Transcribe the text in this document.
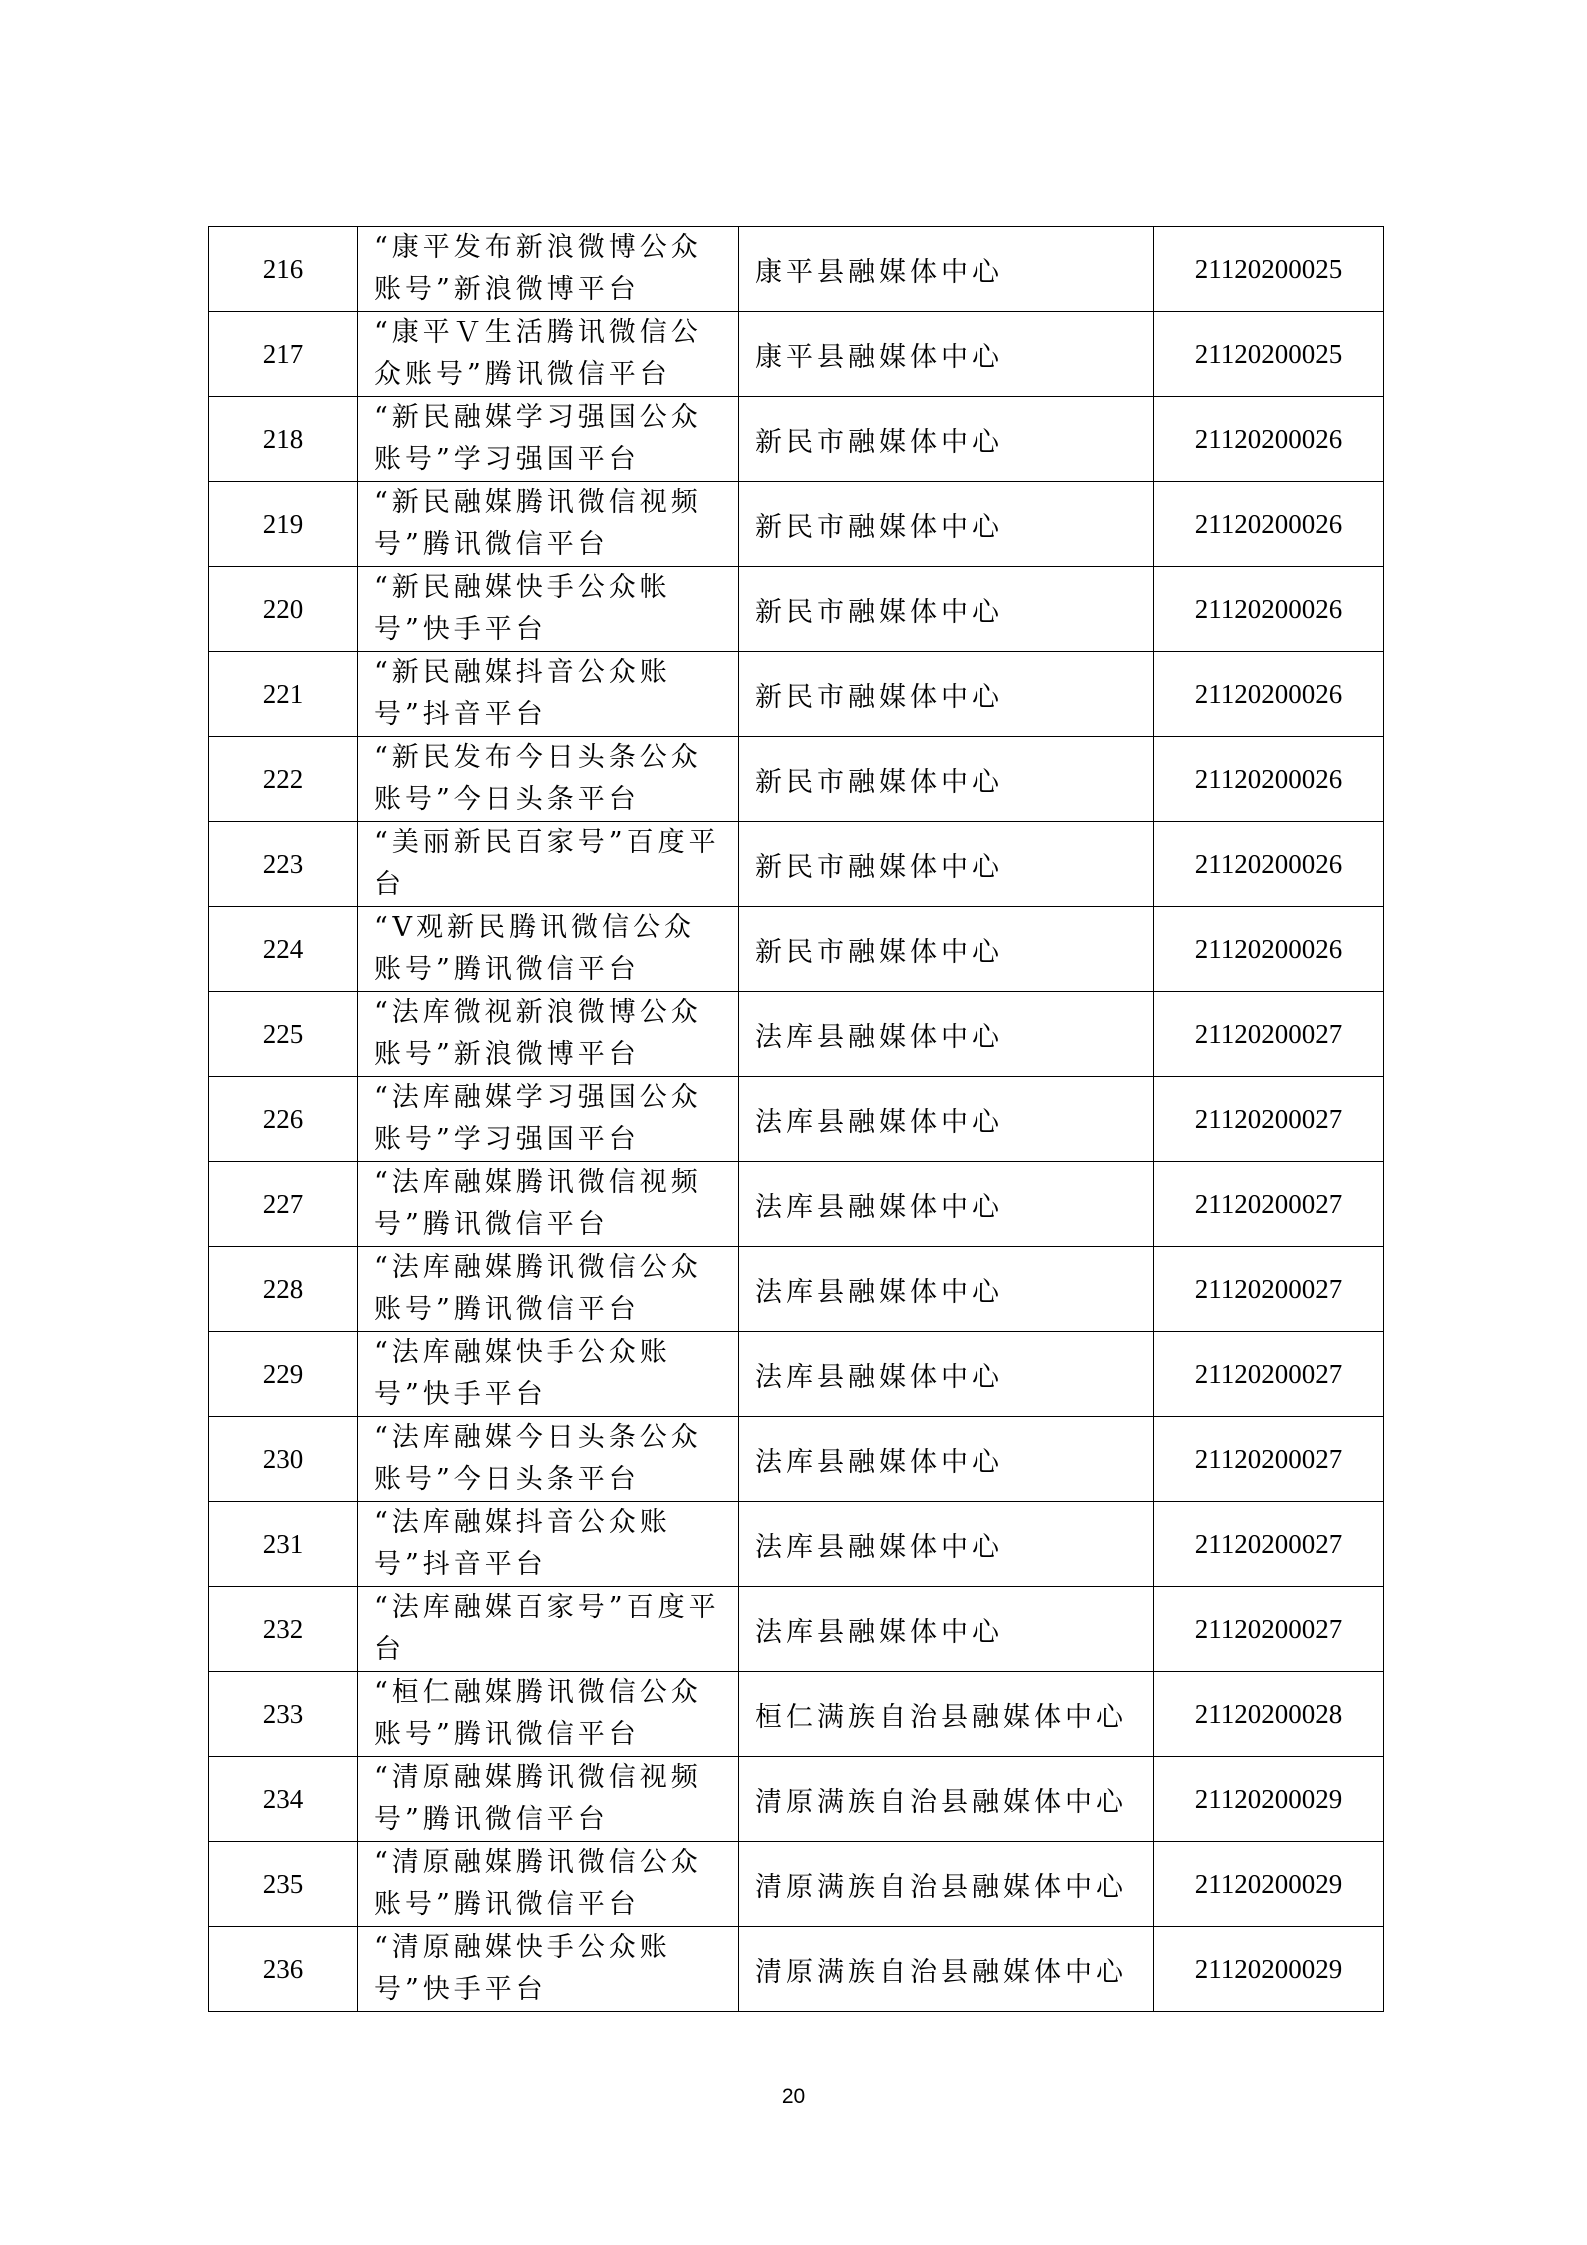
216	“康平发布新浪微博公众账号”新浪微博平台	康平县融媒体中心	21120200025
217	“康平Ｖ生活腾讯微信公众账号”腾讯微信平台	康平县融媒体中心	21120200025
218	“新民融媒学习强国公众账号”学习强国平台	新民市融媒体中心	21120200026
219	“新民融媒腾讯微信视频号”腾讯微信平台	新民市融媒体中心	21120200026
220	“新民融媒快手公众帐号”快手平台	新民市融媒体中心	21120200026
221	“新民融媒抖音公众账号”抖音平台	新民市融媒体中心	21120200026
222	“新民发布今日头条公众账号”今日头条平台	新民市融媒体中心	21120200026
223	“美丽新民百家号”百度平台	新民市融媒体中心	21120200026
224	“V观新民腾讯微信公众账号”腾讯微信平台	新民市融媒体中心	21120200026
225	“法库微视新浪微博公众账号”新浪微博平台	法库县融媒体中心	21120200027
226	“法库融媒学习强国公众账号”学习强国平台	法库县融媒体中心	21120200027
227	“法库融媒腾讯微信视频号”腾讯微信平台	法库县融媒体中心	21120200027
228	“法库融媒腾讯微信公众账号”腾讯微信平台	法库县融媒体中心	21120200027
229	“法库融媒快手公众账号”快手平台	法库县融媒体中心	21120200027
230	“法库融媒今日头条公众账号”今日头条平台	法库县融媒体中心	21120200027
231	“法库融媒抖音公众账号”抖音平台	法库县融媒体中心	21120200027
232	“法库融媒百家号”百度平台	法库县融媒体中心	21120200027
233	“桓仁融媒腾讯微信公众账号”腾讯微信平台	桓仁满族自治县融媒体中心	21120200028
234	“清原融媒腾讯微信视频号”腾讯微信平台	清原满族自治县融媒体中心	21120200029
235	“清原融媒腾讯微信公众账号”腾讯微信平台	清原满族自治县融媒体中心	21120200029
236	“清原融媒快手公众账号”快手平台	清原满族自治县融媒体中心	21120200029
20
